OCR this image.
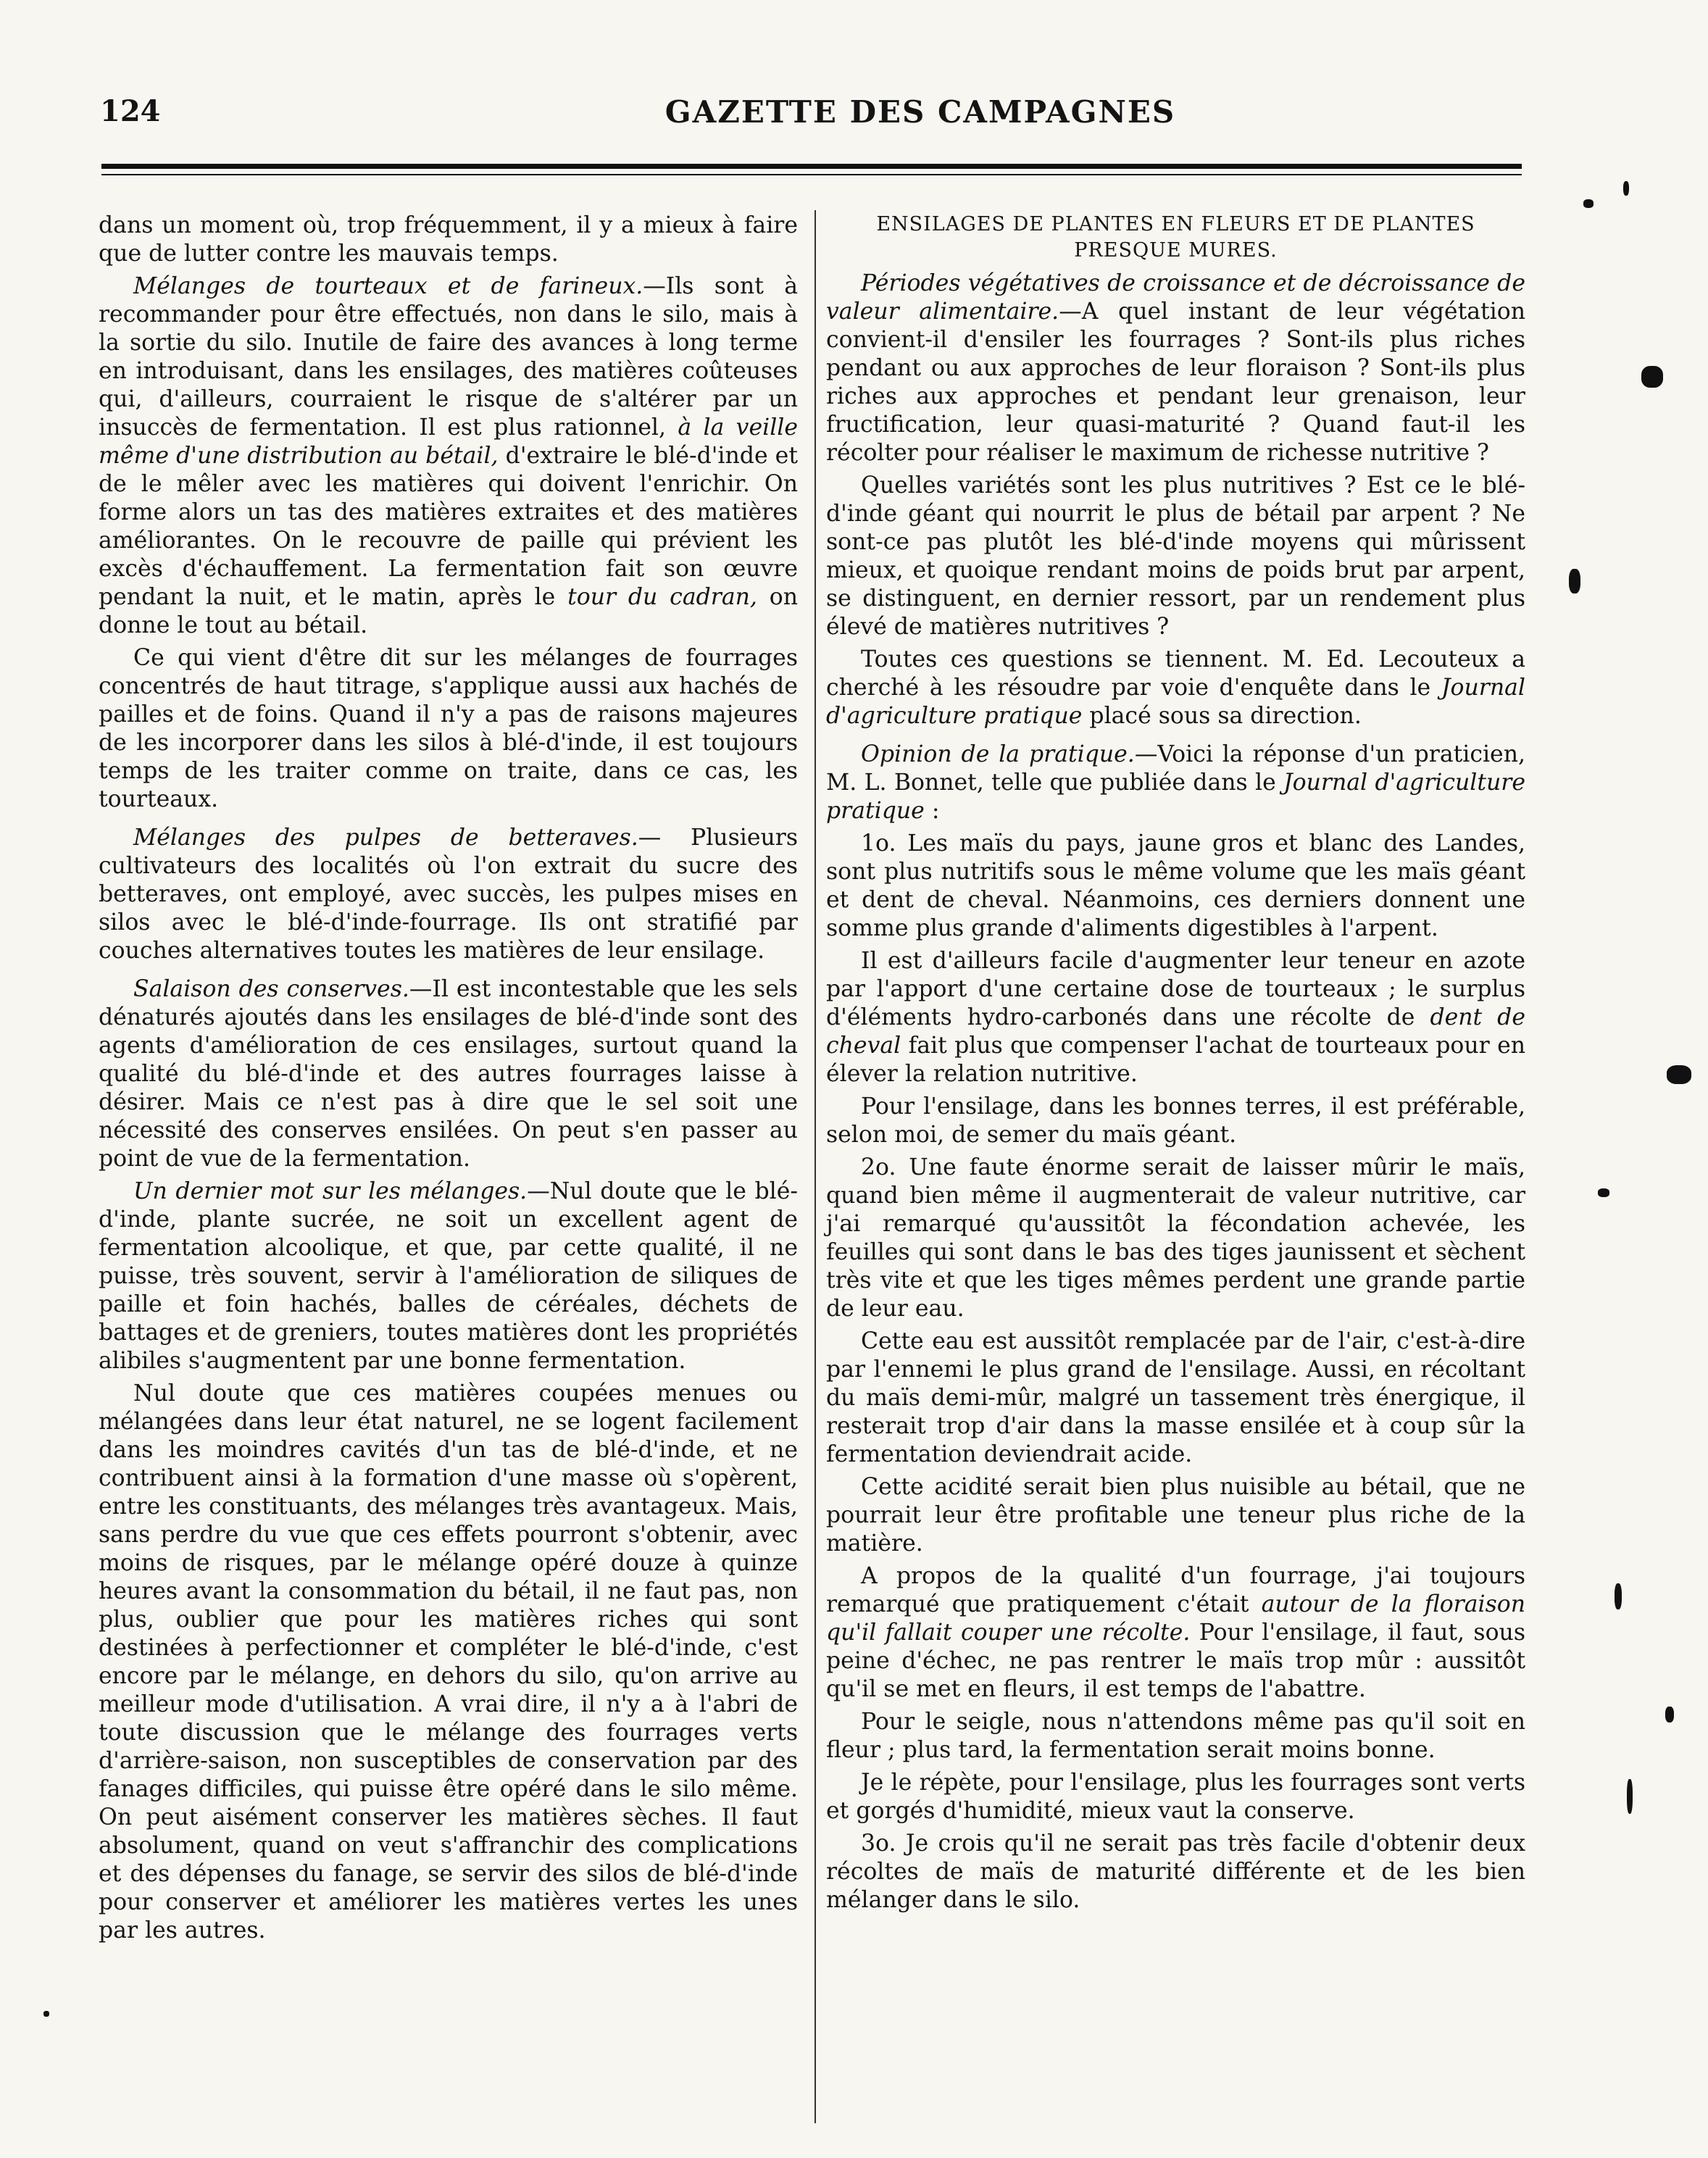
124	GAZETTE DES CAMPAGNES

dans un moment où, trop fréquemment, il y a mieux à faire que de lutter contre les mauvais temps.

Mélanges de tourteaux et de farineux.—Ils sont à recommander pour être effectués, non dans le silo, mais à la sortie du silo. Inutile de faire des avances à long terme en introduisant, dans les ensilages, des matières coûteuses qui, d'ailleurs, courraient le risque de s'altérer par un insuccès de fermentation. Il est plus rationnel, à la veille même d'une distribution au bétail, d'extraire le blé-d'inde et de le mêler avec les matières qui doivent l'enrichir. On forme alors un tas des matières extraites et des matières améliorantes. On le recouvre de paille qui prévient les excès d'échauffement. La fermentation fait son œuvre pendant la nuit, et le matin, après le tour du cadran, on donne le tout au bétail.

Ce qui vient d'être dit sur les mélanges de fourrages concentrés de haut titrage, s'applique aussi aux hachés de pailles et de foins. Quand il n'y a pas de raisons majeures de les incorporer dans les silos à blé-d'inde, il est toujours temps de les traiter comme on traite, dans ce cas, les tourteaux.

Mélanges des pulpes de betteraves.— Plusieurs cultivateurs des localités où l'on extrait du sucre des betteraves, ont employé, avec succès, les pulpes mises en silos avec le blé-d'inde-fourrage. Ils ont stratifié par couches alternatives toutes les matières de leur ensilage.

Salaison des conserves.—Il est incontestable que les sels dénaturés ajoutés dans les ensilages de blé-d'inde sont des agents d'amélioration de ces ensilages, surtout quand la qualité du blé-d'inde et des autres fourrages laisse à désirer. Mais ce n'est pas à dire que le sel soit une nécessité des conserves ensilées. On peut s'en passer au point de vue de la fermentation.

Un dernier mot sur les mélanges.—Nul doute que le blé-d'inde, plante sucrée, ne soit un excellent agent de fermentation alcoolique, et que, par cette qualité, il ne puisse, très souvent, servir à l'amélioration de siliques de paille et foin hachés, balles de céréales, déchets de battages et de greniers, toutes matières dont les propriétés alibiles s'augmentent par une bonne fermentation.

Nul doute que ces matières coupées menues ou mélangées dans leur état naturel, ne se logent facilement dans les moindres cavités d'un tas de blé-d'inde, et ne contribuent ainsi à la formation d'une masse où s'opèrent, entre les constituants, des mélanges très avantageux. Mais, sans perdre du vue que ces effets pourront s'obtenir, avec moins de risques, par le mélange opéré douze à quinze heures avant la consommation du bétail, il ne faut pas, non plus, oublier que pour les matières riches qui sont destinées à perfectionner et compléter le blé-d'inde, c'est encore par le mélange, en dehors du silo, qu'on arrive au meilleur mode d'utilisation. A vrai dire, il n'y a à l'abri de toute discussion que le mélange des fourrages verts d'arrière-saison, non susceptibles de conservation par des fanages difficiles, qui puisse être opéré dans le silo même. On peut aisément conserver les matières sèches. Il faut absolument, quand on veut s'affranchir des complications et des dépenses du fanage, se servir des silos de blé-d'inde pour conserver et améliorer les matières vertes les unes par les autres.

ENSILAGES DE PLANTES EN FLEURS ET DE PLANTES PRESQUE MURES.

Périodes végétatives de croissance et de décroissance de valeur alimentaire.—A quel instant de leur végétation convient-il d'ensiler les fourrages ? Sont-ils plus riches pendant ou aux approches de leur floraison ? Sont-ils plus riches aux approches et pendant leur grenaison, leur fructification, leur quasi-maturité ? Quand faut-il les récolter pour réaliser le maximum de richesse nutritive ?

Quelles variétés sont les plus nutritives ? Est ce le blé-d'inde géant qui nourrit le plus de bétail par arpent ? Ne sont-ce pas plutôt les blé-d'inde moyens qui mûrissent mieux, et quoique rendant moins de poids brut par arpent, se distinguent, en dernier ressort, par un rendement plus élevé de matières nutritives ?

Toutes ces questions se tiennent. M. Ed. Lecouteux a cherché à les résoudre par voie d'enquête dans le Journal d'agriculture pratique placé sous sa direction.

Opinion de la pratique.—Voici la réponse d'un praticien, M. L. Bonnet, telle que publiée dans le Journal d'agriculture pratique :

1o. Les maïs du pays, jaune gros et blanc des Landes, sont plus nutritifs sous le même volume que les maïs géant et dent de cheval. Néanmoins, ces derniers donnent une somme plus grande d'aliments digestibles à l'arpent.

Il est d'ailleurs facile d'augmenter leur teneur en azote par l'apport d'une certaine dose de tourteaux ; le surplus d'éléments hydro-carbonés dans une récolte de dent de cheval fait plus que compenser l'achat de tourteaux pour en élever la relation nutritive.

Pour l'ensilage, dans les bonnes terres, il est préférable, selon moi, de semer du maïs géant.

2o. Une faute énorme serait de laisser mûrir le maïs, quand bien même il augmenterait de valeur nutritive, car j'ai remarqué qu'aussitôt la fécondation achevée, les feuilles qui sont dans le bas des tiges jaunissent et sèchent très vite et que les tiges mêmes perdent une grande partie de leur eau.

Cette eau est aussitôt remplacée par de l'air, c'est-à-dire par l'ennemi le plus grand de l'ensilage. Aussi, en récoltant du maïs demi-mûr, malgré un tassement très énergique, il resterait trop d'air dans la masse ensilée et à coup sûr la fermentation deviendrait acide.

Cette acidité serait bien plus nuisible au bétail, que ne pourrait leur être profitable une teneur plus riche de la matière.

A propos de la qualité d'un fourrage, j'ai toujours remarqué que pratiquement c'était autour de la floraison qu'il fallait couper une récolte. Pour l'ensilage, il faut, sous peine d'échec, ne pas rentrer le maïs trop mûr : aussitôt qu'il se met en fleurs, il est temps de l'abattre.

Pour le seigle, nous n'attendons même pas qu'il soit en fleur ; plus tard, la fermentation serait moins bonne.

Je le répète, pour l'ensilage, plus les fourrages sont verts et gorgés d'humidité, mieux vaut la conserve.

3o. Je crois qu'il ne serait pas très facile d'obtenir deux récoltes de maïs de maturité différente et de les bien mélanger dans le silo.
